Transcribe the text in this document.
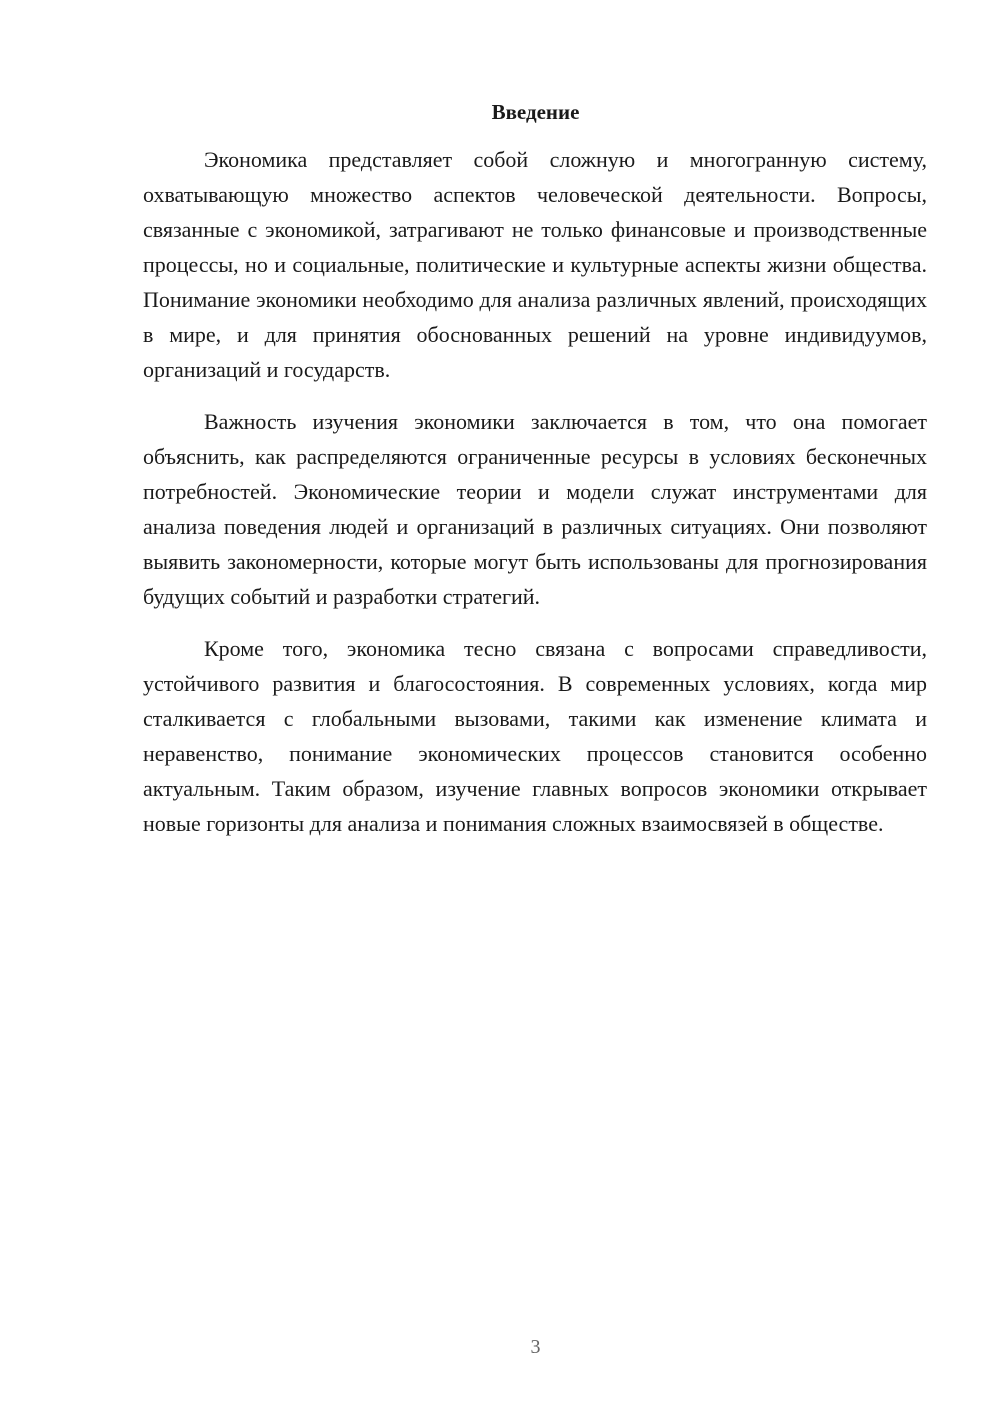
Введение

Экономика представляет собой сложную и многогранную систему, охватывающую множество аспектов человеческой деятельности. Вопросы, связанные с экономикой, затрагивают не только финансовые и производственные процессы, но и социальные, политические и культурные аспекты жизни общества. Понимание экономики необходимо для анализа различных явлений, происходящих в мире, и для принятия обоснованных решений на уровне индивидуумов, организаций и государств.

Важность изучения экономики заключается в том, что она помогает объяснить, как распределяются ограниченные ресурсы в условиях бесконечных потребностей. Экономические теории и модели служат инструментами для анализа поведения людей и организаций в различных ситуациях. Они позволяют выявить закономерности, которые могут быть использованы для прогнозирования будущих событий и разработки стратегий.

Кроме того, экономика тесно связана с вопросами справедливости, устойчивого развития и благосостояния. В современных условиях, когда мир сталкивается с глобальными вызовами, такими как изменение климата и неравенство, понимание экономических процессов становится особенно актуальным. Таким образом, изучение главных вопросов экономики открывает новые горизонты для анализа и понимания сложных взаимосвязей в обществе.

3
